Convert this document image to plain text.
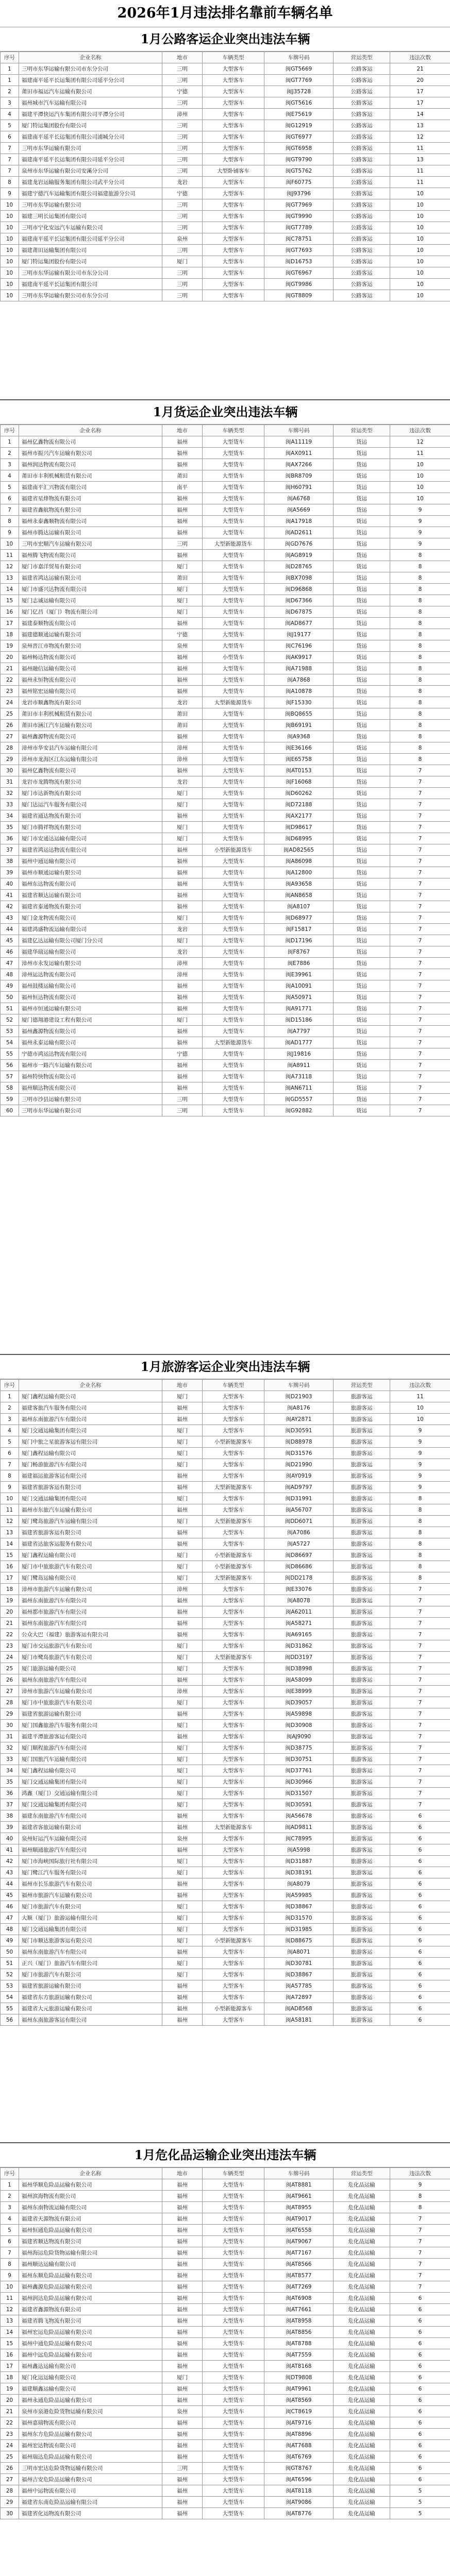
2026年1月违法排名靠前车辆名单
1月公路客运企业突出违法车辆
序号	企业名称	地市	车辆类型	车牌号码	营运类型	违法次数
1	三明市东华运输有限公司市东分公司	三明	大型客车	闽GT5669	公路客运	21
1	福建南平延平长运集团有限公司延平分公司	三明	大型客车	闽GT7769	公路客运	20
2	莆田市福运汽车运输有限公司	宁德	大型客车	闽J35728	公路客运	17
3	福州城市汽车运输有限公司	三明	大型客车	闽GT5616	公路客运	17
4	福建平潭快运汽车集团有限公司平潭分公司	漳州	大型客车	闽E75619	公路客运	14
5	厦门特运集团股份有限公司	三明	大型客车	闽G12919	公路客运	13
6	福建南平延平长运集团有限公司浦城分公司	三明	大型客车	闽GT6977	公路客运	12
7	三明市东华运输有限公司	三明	大型客车	闽GT6958	公路客运	11
7	福建南平延平长运集团有限公司延平分公司	三明	大型客车	闽GT9790	公路客运	13
7	泉州市东华运输有限公司安溪分公司	三明	大型卧铺客车	闽GT5762	公路客运	11
8	福建龙岩运输服务集团有限公司武平分公司	龙岩	大型客车	闽F60775	公路客运	11
9	福建宁德汽车运输集团有限公司福建旅游分公司	宁德	大型客车	闽J93796	公路客运	10
10	三明市东华运输有限公司	三明	大型客车	闽GT7969	公路客运	10
10	福建三明长运集团有限公司	三明	大型客车	闽GT9990	公路客运	10
10	三明市宁化安远汽车运输有限公司	三明	大型客车	闽GT7789	公路客运	10
10	福建南平延平长运集团有限公司延平分公司	泉州	大型客车	闽C78751	公路客运	10
10	福建莆田运输集团有限公司	三明	大型客车	闽GT7693	公路客运	10
10	厦门特运集团股份有限公司	厦门	大型客车	闽D16753	公路客运	10
10	三明市东华运输有限公司市东分公司	三明	大型客车	闽GT6967	公路客运	10
10	福建南平延平长运集团有限公司	三明	大型客车	闽GT9986	公路客运	10
10	三明市东华运输有限公司市东分公司	三明	大型客车	闽GT8809	公路客运	10
1月货运企业突出违法车辆
序号	企业名称	地市	车辆类型	车牌号码	营运类型	违法次数
1	福州亿鑫物流有限公司	福州	大型货车	闽A11119	货运	12
2	福州市振兴汽车运输有限公司	福州	大型货车	闽AX0911	货运	11
3	福州润达物流有限公司	福州	大型货车	闽AX7266	货运	10
4	莆田市丰利机械租赁有限公司	莆田	大型货车	闽BR8709	货运	10
5	福建南平汇兴物流有限公司	南平	大型货车	闽H60791	货运	10
6	福建省星烽物流有限公司	福州	大型货车	闽A6768	货运	10
7	福建省鑫航物流有限公司	福州	大型货车	闽A5669	货运	9
8	福州永泰鑫顺物流有限公司	福州	大型货车	闽A17918	货运	9
9	福州市腾达运输有限公司	福州	大型货车	闽AD2611	货运	9
10	三明市宏顺汽车运输有限公司	三明	大型新能源货车	闽GD7676	货运	9
11	福州腾飞物流有限公司	福州	大型货车	闽AG8919	货运	8
12	厦门市嘉洋贸易有限公司	厦门	大型货车	闽D28765	货运	8
13	福建省鸿达运输有限公司	莆田	大型货车	闽BX7098	货运	8
14	厦门市盛兴达物流有限公司	厦门	大型货车	闽D96868	货运	8
15	厦门志诚运输有限公司	厦门	大型货车	闽D67366	货运	8
16	厦门亿昌（厦门）物流有限公司	厦门	大型货车	闽D67875	货运	8
17	福建泰顺物流有限公司	福州	大型货车	闽AD8677	货运	8
18	福建德顺通运输有限公司	宁德	大型货车	闽J19177	货运	8
19	泉州晋江市物流有限公司	泉州	大型货车	闽C76196	货运	8
20	福州畅达物流有限公司	福州	小型货车	闽AK9917	货运	8
21	福州融信运输有限公司	福州	大型货车	闽A71988	货运	8
22	福州永恒物流有限公司	福州	大型货车	闽A7868	货运	8
23	福州铭宏运输有限公司	福州	大型货车	闽A10878	货运	8
24	龙岩市顺鑫物流有限公司	龙岩	大型新能源货车	闽F15330	货运	8
25	莆田市丰利机械租赁有限公司	莆田	大型货车	闽BQ8655	货运	8
26	莆田市涵江汽车运输有限公司	莆田	大型货车	闽B69191	货运	8
27	福州鑫源物流有限公司	福州	大型货车	闽A9368	货运	8
28	漳州市华安县汽车运输有限公司	漳州	大型货车	闽E36166	货运	8
29	漳州市龙海区江东运输有限公司	漳州	大型货车	闽E65758	货运	8
30	福州亿鑫物流有限公司	福州	大型货车	闽AT0153	货运	7
31	龙岩市龙腾物流有限公司	龙岩	大型货车	闽F16068	货运	7
32	厦门市达新物流有限公司	厦门	大型货车	闽D60262	货运	7
33	厦门达运汽车服务有限公司	厦门	大型货车	闽D72188	货运	7
34	福建省通达物流有限公司	福州	大型货车	闽AX2177	货运	7
35	厦门市腾祥物流有限公司	厦门	大型货车	闽D98617	货运	7
36	厦门市安通达运输有限公司	厦门	大型货车	闽D68995	货运	7
37	福建省鸿运达物流有限公司	福州	小型新能源货车	闽AD82565	货运	7
38	福州中通运输有限公司	福州	大型货车	闽A86098	货运	7
39	福州市顺通运输有限公司	福州	大型货车	闽A12800	货运	7
40	福州东达物流有限公司	福州	大型货车	闽A93658	货运	7
41	福建省顺达运输有限公司	福州	大型货车	闽AN8658	货运	7
42	福建省泰通物流有限公司	福州	大型货车	闽A8107	货运	7
43	厦门金龙物流有限公司	厦门	大型货车	闽D68977	货运	7
44	福建鸿盛物流运输有限公司	龙岩	大型货车	闽F15817	货运	7
45	福建亿达运输有限公司厦门分公司	厦门	大型货车	闽D17196	货运	7
46	福建华瑞运输有限公司	龙岩	大型货车	闽F8767	货运	7
47	漳州市永发运输有限公司	漳州	大型货车	闽E7886	货运	7
48	漳州运达物流有限公司	漳州	大型货车	闽E39961	货运	7
49	福州鼓楼运输有限公司	福州	大型货车	闽A10091	货运	7
50	福州恒达物流有限公司	福州	大型货车	闽A50971	货运	7
51	福州市恒通运输有限公司	福州	大型货车	闽A91771	货运	7
52	厦门德翔港建设工程有限公司	厦门	大型货车	闽D15186	货运	7
53	福州鑫源物流有限公司	福州	大型货车	闽A7797	货运	7
54	福州永泰运输有限公司	福州	大型新能源货车	闽AD1777	货运	7
55	宁德市鸿运达物流有限公司	宁德	大型货车	闽J19816	货运	7
56	福州市一路汽车运输有限公司	福州	大型货车	闽A8911	货运	7
57	福州特快物流有限公司	福州	大型货车	闽A73118	货运	7
58	福州顺达物流有限公司	福州	大型货车	闽AN6711	货运	7
59	三明市沙县运输有限公司	三明	大型货车	闽GD5557	货运	7
60	三明市东华运输有限公司	三明	大型货车	闽G92882	货运	7
1月旅游客运企业突出违法车辆
序号	企业名称	地市	车辆类型	车牌号码	营运类型	违法次数
1	厦门鑫程运输有限公司	厦门	大型客车	闽D21903	旅游客运	11
2	福建客旅汽车服务有限公司	福州	大型客车	闽A8176	旅游客运	10
3	福州东南旅游汽车有限公司	福州	大型客车	闽AY2871	旅游客运	10
4	厦门交通运输集团有限公司	厦门	大型客车	闽D30591	旅游客运	9
5	厦门中旅之星旅游客运有限公司	厦门	小型新能源客车	闽D88978	旅游客运	9
6	厦门鑫程运输有限公司	厦门	大型客车	闽D31576	旅游客运	9
7	厦门畅游旅游汽车有限公司	厦门	大型客车	闽D21990	旅游客运	9
8	福建福运旅游客运有限公司	福州	大型客车	闽AY0919	旅游客运	9
9	福建省旅游客运有限公司	福州	大型新能源客车	闽AD9797	旅游客运	9
10	厦门交通运输集团有限公司	厦门	大型客车	闽D31991	旅游客运	8
11	福州市东旅汽车运输有限公司	福州	大型客车	闽A56707	旅游客运	8
12	厦门鹭岛旅游汽车运输有限公司	厦门	大型新能源客车	闽DD6071	旅游客运	8
13	福建省旅游客运有限公司	福州	大型客车	闽A7086	旅游客运	8
14	福建省达旅客运服务有限公司	福州	大型客车	闽A5727	旅游客运	8
15	厦门鑫程运输有限公司	厦门	小型新能源客车	闽D86697	旅游客运	8
16	厦门市中旅旅游汽车有限公司	厦门	小型新能源客车	闽D86686	旅游客运	8
17	厦门鹭岛运输有限公司	厦门	大型新能源客车	闽DD2178	旅游客运	8
18	漳州市旅游汽车运输有限公司	漳州	大型客车	闽E33076	旅游客运	7
19	福州东南旅游汽车有限公司	福州	大型客车	闽A8078	旅游客运	7
20	福州都市旅游汽车有限公司	福州	大型客车	闽A62011	旅游客运	7
21	福州东南旅游汽车有限公司	福州	大型客车	闽A58271	旅游客运	7
22	公众大巴（福建）旅游客运有限公司	福州	大型客车	闽A69165	旅游客运	7
23	厦门市交运旅游汽车有限公司	厦门	大型客车	闽D31862	旅游客运	7
24	厦门市鹭岛旅游汽车有限公司	厦门	大型新能源客车	闽DD3197	旅游客运	7
25	厦门旅游运输有限公司	厦门	大型客车	闽D38998	旅游客运	7
26	福州东南旅游汽车有限公司	福州	大型客车	闽A58099	旅游客运	7
27	漳州市旅游汽车运输有限公司	漳州	大型客车	闽E38999	旅游客运	7
28	厦门市中旅旅游汽车有限公司	厦门	大型客车	闽D39057	旅游客运	7
29	福建省旅游运输有限公司	福州	大型客车	闽A59898	旅游客运	7
30	厦门国鑫旅游汽车服务有限公司	厦门	大型客车	闽D30908	旅游客运	7
31	福建平潭旅游客运有限公司	福州	大型客车	闽AJ9090	旅游客运	7
32	厦门顺程旅游汽车有限公司	厦门	大型客车	闽D38775	旅游客运	7
33	厦门国旅汽车运输有限公司	厦门	大型客车	闽D30751	旅游客运	7
34	厦门鑫程运输有限公司	厦门	大型客车	闽D37761	旅游客运	7
35	厦门交通运输集团有限公司	厦门	大型客车	闽D30966	旅游客运	7
36	鸿鑫（厦门）交通运输有限公司	厦门	大型客车	闽D31507	旅游客运	7
37	厦门交通运输集团有限公司	厦门	大型客车	闽D30591	旅游客运	7
38	福建东南旅游汽车有限公司	福州	大型客车	闽A56678	旅游客运	6
39	福建省客旅运输有限公司	福州	大型新能源客车	闽AD9811	旅游客运	6
40	泉州好运汽车运输有限公司	泉州	大型客车	闽C78995	旅游客运	6
41	福州顺通旅游汽车有限公司	福州	大型客车	闽A5998	旅游客运	6
42	厦门市海峡国际旅行社有限公司	厦门	大型客车	闽D31887	旅游客运	6
43	厦门鹭江汽车服务有限公司	厦门	大型客车	闽D38191	旅游客运	6
44	福州市长乐旅游汽车有限公司	福州	大型客车	闽A8079	旅游客运	6
45	福州市旅游汽车运输有限公司	福州	大型客车	闽A59985	旅游客运	6
46	厦门市旅游汽车有限公司	厦门	大型客车	闽D38867	旅游客运	6
47	大顺（厦门）旅游运输有限公司	厦门	大型客车	闽D31570	旅游客运	6
48	厦门交通运输集团有限公司	厦门	大型客车	闽D31985	旅游客运	6
49	厦门市顺达旅游客运有限公司	厦门	小型新能源客车	闽D88675	旅游客运	6
50	福州东南旅游汽车有限公司	福州	大型客车	闽A8071	旅游客运	6
51	正兴（厦门）旅游汽车有限公司	厦门	大型客车	闽D30781	旅游客运	6
52	厦门市旅游汽车有限公司	厦门	大型客车	闽D38867	旅游客运	6
53	福建省旅游运输有限公司	福州	大型客车	闽A57785	旅游客运	6
54	福建省东方旅游运输有限公司	福州	大型客车	闽A72897	旅游客运	6
55	福建省大元旅游运输有限公司	福州	小型新能源客车	闽AD8568	旅游客运	6
56	福州东南旅游客运有限公司	福州	大型客车	闽A58181	旅游客运	6
1月危化品运输企业突出违法车辆
序号	企业名称	地市	车辆类型	车牌号码	营运类型	违法次数
1	福州华顺危险品运输有限公司	福州	大型货车	闽AT8881	危化品运输	9
2	福州滨海物流有限公司	福州	大型货车	闽AT9661	危化品运输	8
3	福州东南物流运输有限公司	福州	大型货车	闽AT8955	危化品运输	8
4	福建省天源物流有限公司	福州	大型货车	闽AT9017	危化品运输	7
5	福州恒通危险品运输有限公司	福州	大型货车	闽AT6558	危化品运输	7
6	福建省顺达物流有限公司	福州	大型货车	闽AT9067	危化品运输	7
7	福州海运危险货物运输有限公司	福州	大型货车	闽AT7167	危化品运输	7
8	福州顺达运输有限公司	福州	大型货车	闽AT8566	危化品运输	7
9	福州东顺危险品运输有限公司	福州	大型货车	闽AT8577	危化品运输	7
10	福州鑫源危险品运输有限公司	福州	大型货车	闽AT7269	危化品运输	7
11	福州润达危险品运输有限公司	福州	大型货车	闽AT6908	危化品运输	6
12	福建省鑫源物流有限公司	福州	大型货车	闽AT7661	危化品运输	6
13	福建省腾飞物流有限公司	福州	大型货车	闽AT8958	危化品运输	6
14	福州宏运危险品运输有限公司	福州	大型货车	闽AT8856	危化品运输	6
15	福州中通危险品运输有限公司	福州	大型货车	闽AT8788	危化品运输	6
16	福州中远危险品运输有限公司	福州	大型货车	闽AT7559	危化品运输	6
17	福州鑫达运输有限公司	福州	大型货车	闽AT8168	危化品运输	6
18	厦门化运运输有限公司	厦门	大型货车	闽DT9808	危化品运输	6
19	福建顺鑫运输有限公司	福州	大型货车	闽AT9961	危化品运输	6
20	福州永通危险品运输有限公司	福州	大型货车	闽AT8569	危化品运输	6
21	泉州市泉港危险货物运输有限公司	泉州	大型货车	闽CT8619	危化品运输	6
22	福州嘉瑞物流有限公司	福州	大型货车	闽AT9716	危化品运输	6
23	福州东方危险品运输有限公司	福州	大型货车	闽AT8896	危化品运输	6
24	福州宏达物流有限公司	福州	大型货车	闽AT7688	危化品运输	6
25	福州瑞达危险品运输有限公司	福州	大型货车	闽AT6769	危化品运输	6
26	三明市宏达危险货物运输有限公司	三明	大型货车	闽GT8767	危化品运输	6
27	福州吉安危险品运输有限公司	福州	大型货车	闽AT6596	危化品运输	6
28	福州中运物流有限公司	福州	大型货车	闽AT8118	危化品运输	5
29	福建省东南危险品运输有限公司	福州	大型货车	闽AT9086	危化品运输	5
30	福建省化运物流有限公司	福州	大型货车	闽AT8776	危化品运输	5
